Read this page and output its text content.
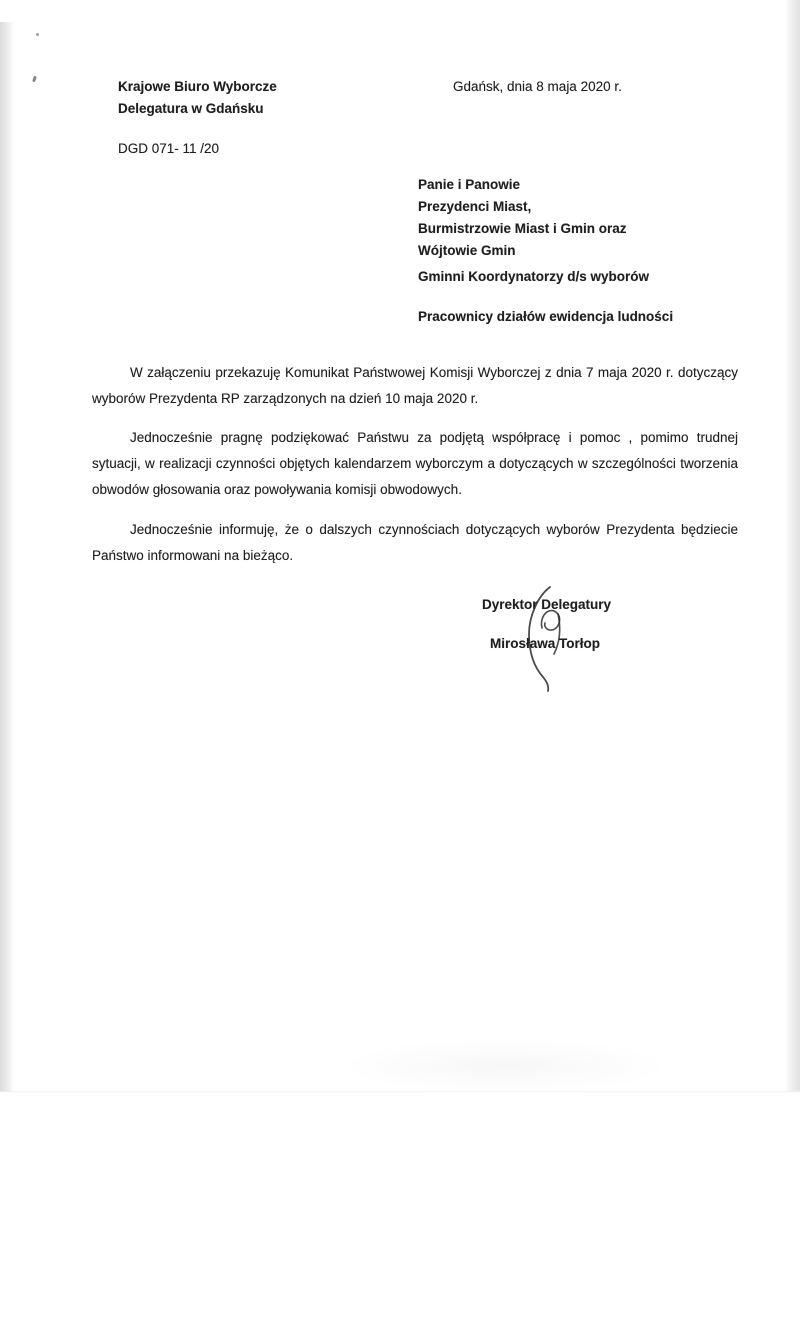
Krajowe Biuro Wyborcze
Delegatura w Gdańsku
Gdańsk, dnia 8 maja 2020 r.
DGD 071- 11 /20
Panie i Panowie
Prezydenci Miast,
Burmistrzowie Miast i Gmin oraz
Wójtowie Gmin
Gminni Koordynatorzy d/s wyborów
Pracownicy działów ewidencja ludności

W załączeniu przekazuję Komunikat Państwowej Komisji Wyborczej z dnia 7 maja 2020 r. dotyczący wyborów Prezydenta RP zarządzonych na dzień 10 maja 2020 r.

Jednocześnie pragnę podziękować Państwu za podjętą współpracę i pomoc , pomimo trudnej sytuacji, w realizacji czynności objętych kalendarzem wyborczym a dotyczących w szczególności tworzenia obwodów głosowania oraz powoływania komisji obwodowych.

Jednocześnie informuję, że o dalszych czynnościach dotyczących wyborów Prezydenta będziecie Państwo informowani na bieżąco.

Dyrektor Delegatury
Mirosława Torłop
